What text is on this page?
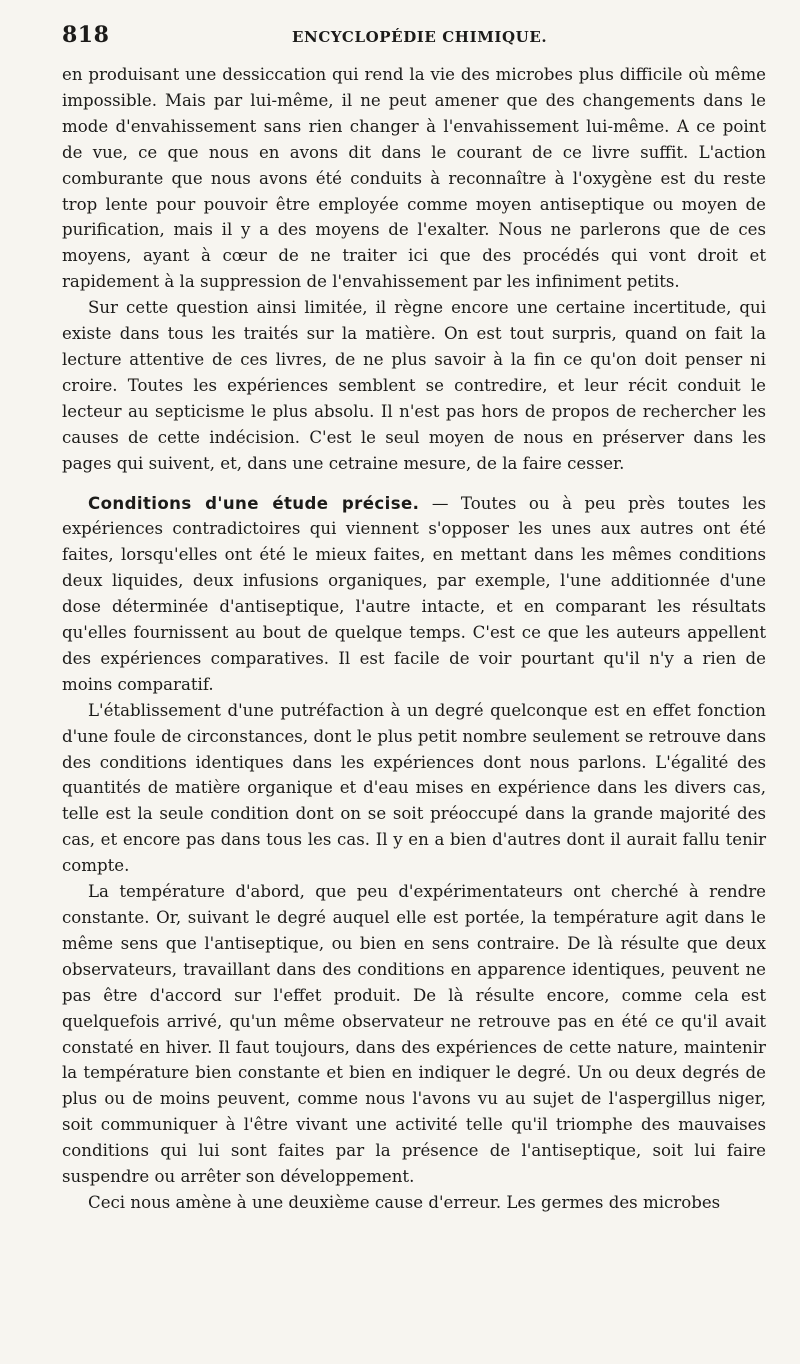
818	ENCYCLOPÉDIE CHIMIQUE.

en produisant une dessiccation qui rend la vie des microbes plus difficile où même impossible. Mais par lui-même, il ne peut amener que des changements dans le mode d'envahissement sans rien changer à l'envahissement lui-même. A ce point de vue, ce que nous en avons dit dans le courant de ce livre suffit. L'action comburante que nous avons été conduits à reconnaître à l'oxygène est du reste trop lente pour pouvoir être employée comme moyen antiseptique ou moyen de purification, mais il y a des moyens de l'exalter. Nous ne parlerons que de ces moyens, ayant à cœur de ne traiter ici que des procédés qui vont droit et rapidement à la suppression de l'envahissement par les infiniment petits.

Sur cette question ainsi limitée, il règne encore une certaine incertitude, qui existe dans tous les traités sur la matière. On est tout surpris, quand on fait la lecture attentive de ces livres, de ne plus savoir à la fin ce qu'on doit penser ni croire. Toutes les expériences semblent se contredire, et leur récit conduit le lecteur au septicisme le plus absolu. Il n'est pas hors de propos de rechercher les causes de cette indécision. C'est le seul moyen de nous en préserver dans les pages qui suivent, et, dans une cetraine mesure, de la faire cesser.

Conditions d'une étude précise. — Toutes ou à peu près toutes les expériences contradictoires qui viennent s'opposer les unes aux autres ont été faites, lorsqu'elles ont été le mieux faites, en mettant dans les mêmes conditions deux liquides, deux infusions organiques, par exemple, l'une additionnée d'une dose déterminée d'antiseptique, l'autre intacte, et en comparant les résultats qu'elles fournissent au bout de quelque temps. C'est ce que les auteurs appellent des expériences comparatives. Il est facile de voir pourtant qu'il n'y a rien de moins comparatif.

L'établissement d'une putréfaction à un degré quelconque est en effet fonction d'une foule de circonstances, dont le plus petit nombre seulement se retrouve dans des conditions identiques dans les expériences dont nous parlons. L'égalité des quantités de matière organique et d'eau mises en expérience dans les divers cas, telle est la seule condition dont on se soit préoccupé dans la grande majorité des cas, et encore pas dans tous les cas. Il y en a bien d'autres dont il aurait fallu tenir compte.

La température d'abord, que peu d'expérimentateurs ont cherché à rendre constante. Or, suivant le degré auquel elle est portée, la température agit dans le même sens que l'antiseptique, ou bien en sens contraire. De là résulte que deux observateurs, travaillant dans des conditions en apparence identiques, peuvent ne pas être d'accord sur l'effet produit. De là résulte encore, comme cela est quelquefois arrivé, qu'un même observateur ne retrouve pas en été ce qu'il avait constaté en hiver. Il faut toujours, dans des expériences de cette nature, maintenir la température bien constante et bien en indiquer le degré. Un ou deux degrés de plus ou de moins peuvent, comme nous l'avons vu au sujet de l'aspergillus niger, soit communiquer à l'être vivant une activité telle qu'il triomphe des mauvaises conditions qui lui sont faites par la présence de l'antiseptique, soit lui faire suspendre ou arrêter son développement.

Ceci nous amène à une deuxième cause d'erreur. Les germes des microbes
